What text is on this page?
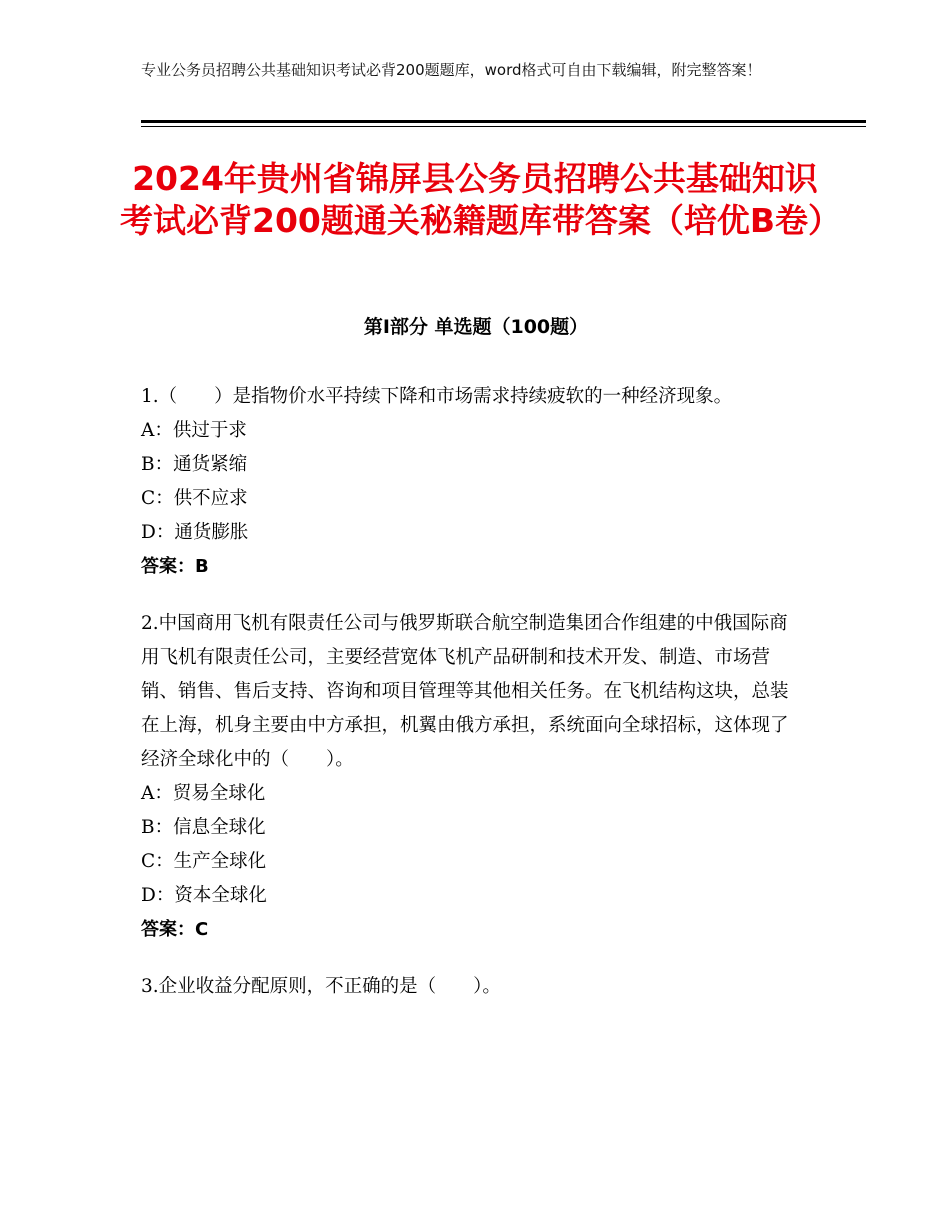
专业公务员招聘公共基础知识考试必背200题题库，word格式可自由下载编辑，附完整答案！
2024年贵州省锦屏县公务员招聘公共基础知识考试必背200题通关秘籍题库带答案（培优B卷）
第Ⅰ部分 单选题（100题）

1.（　　）是指物价水平持续下降和市场需求持续疲软的一种经济现象。

A：供过于求

B：通货紧缩

C：供不应求

D：通货膨胀

答案：B

2.中国商用飞机有限责任公司与俄罗斯联合航空制造集团合作组建的中俄国际商用飞机有限责任公司，主要经营宽体飞机产品研制和技术开发、制造、市场营销、销售、售后支持、咨询和项目管理等其他相关任务。在飞机结构这块，总装在上海，机身主要由中方承担，机翼由俄方承担，系统面向全球招标，这体现了经济全球化中的（　　）。

A：贸易全球化

B：信息全球化

C：生产全球化

D：资本全球化

答案：C

3.企业收益分配原则，不正确的是（　　）。
